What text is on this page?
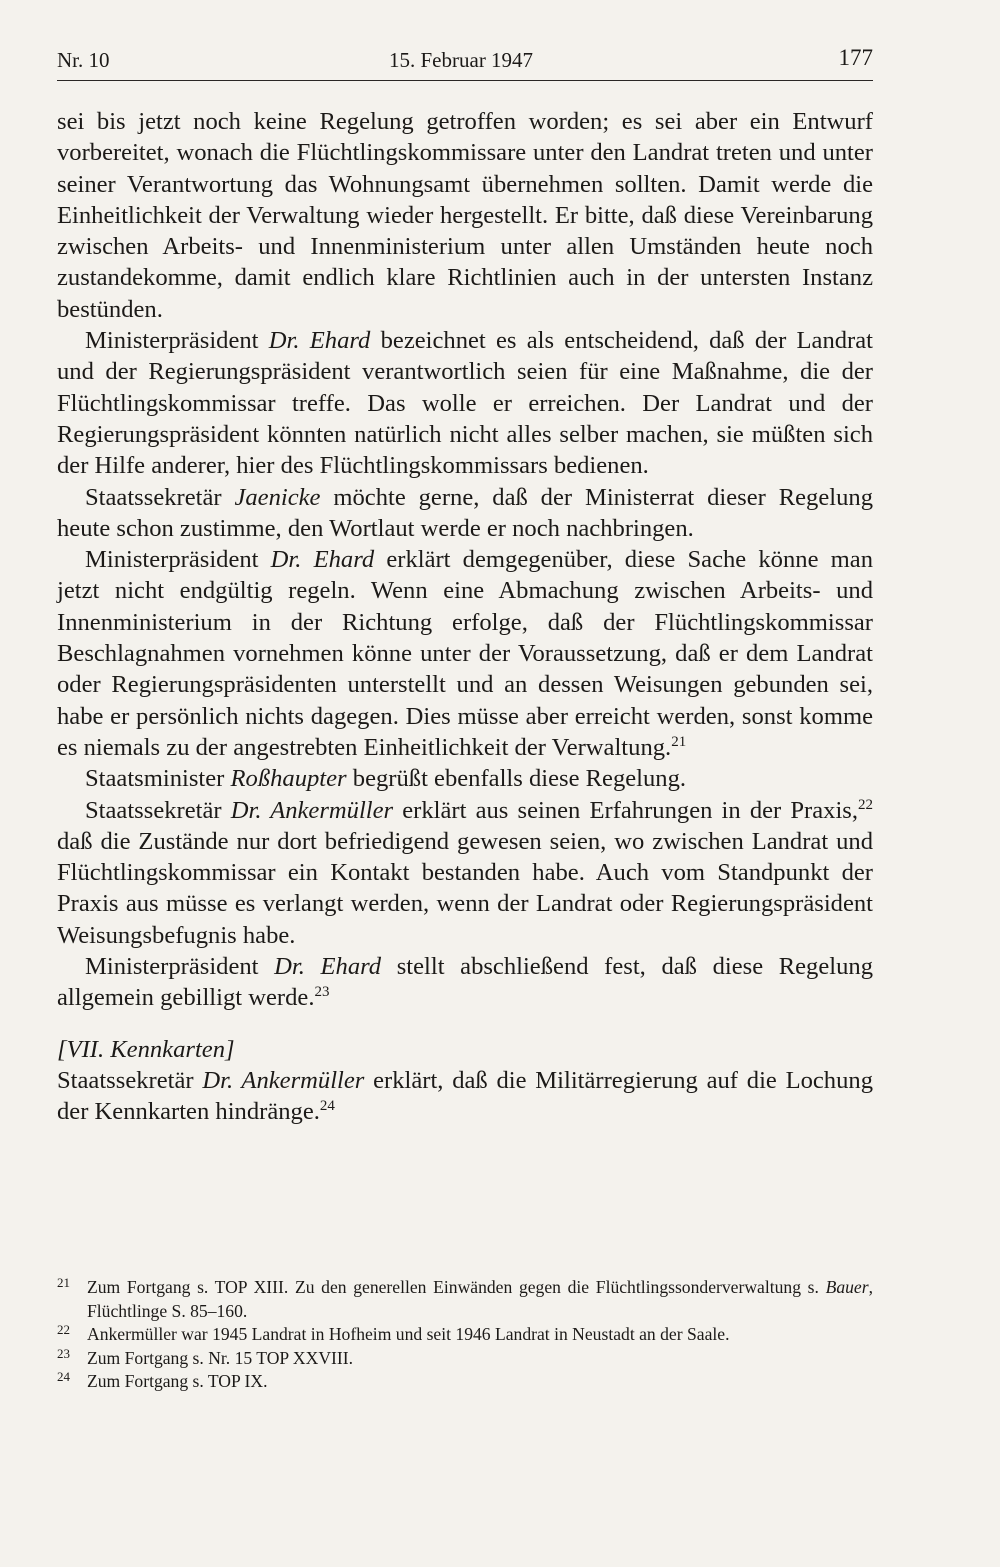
Nr. 10	15. Februar 1947	177

sei bis jetzt noch keine Regelung getroffen worden; es sei aber ein Entwurf vorbereitet, wonach die Flüchtlingskommissare unter den Landrat treten und unter seiner Verantwortung das Wohnungsamt übernehmen sollten. Damit werde die Einheitlichkeit der Verwaltung wieder hergestellt. Er bitte, daß diese Vereinbarung zwischen Arbeits- und Innenministerium unter allen Umständen heute noch zustandekomme, damit endlich klare Richtlinien auch in der untersten Instanz bestünden.

Ministerpräsident Dr. Ehard bezeichnet es als entscheidend, daß der Landrat und der Regierungspräsident verantwortlich seien für eine Maßnahme, die der Flüchtlingskommissar treffe. Das wolle er erreichen. Der Landrat und der Regierungspräsident könnten natürlich nicht alles selber machen, sie müßten sich der Hilfe anderer, hier des Flüchtlingskommissars bedienen.

Staatssekretär Jaenicke möchte gerne, daß der Ministerrat dieser Regelung heute schon zustimme, den Wortlaut werde er noch nachbringen.

Ministerpräsident Dr. Ehard erklärt demgegenüber, diese Sache könne man jetzt nicht endgültig regeln. Wenn eine Abmachung zwischen Arbeits- und Innenministerium in der Richtung erfolge, daß der Flüchtlingskommissar Beschlagnahmen vornehmen könne unter der Voraussetzung, daß er dem Landrat oder Regierungspräsidenten unterstellt und an dessen Weisungen gebunden sei, habe er persönlich nichts dagegen. Dies müsse aber erreicht werden, sonst komme es niemals zu der angestrebten Einheitlichkeit der Verwaltung.$^{21}$

Staatsminister Roßhaupter begrüßt ebenfalls diese Regelung.

Staatssekretär Dr. Ankermüller erklärt aus seinen Erfahrungen in der Praxis,$^{22}$ daß die Zustände nur dort befriedigend gewesen seien, wo zwischen Landrat und Flüchtlingskommissar ein Kontakt bestanden habe. Auch vom Standpunkt der Praxis aus müsse es verlangt werden, wenn der Landrat oder Regierungspräsident Weisungsbefugnis habe.

Ministerpräsident Dr. Ehard stellt abschließend fest, daß diese Regelung allgemein gebilligt werde.$^{23}$

[VII. Kennkarten]

Staatssekretär Dr. Ankermüller erklärt, daß die Militärregierung auf die Lochung der Kennkarten hindränge.$^{24}$

21 Zum Fortgang s. TOP XIII. Zu den generellen Einwänden gegen die Flüchtlingssonderverwaltung s. Bauer, Flüchtlinge S. 85–160.

22 Ankermüller war 1945 Landrat in Hofheim und seit 1946 Landrat in Neustadt an der Saale.

23 Zum Fortgang s. Nr. 15 TOP XXVIII.

24 Zum Fortgang s. TOP IX.
